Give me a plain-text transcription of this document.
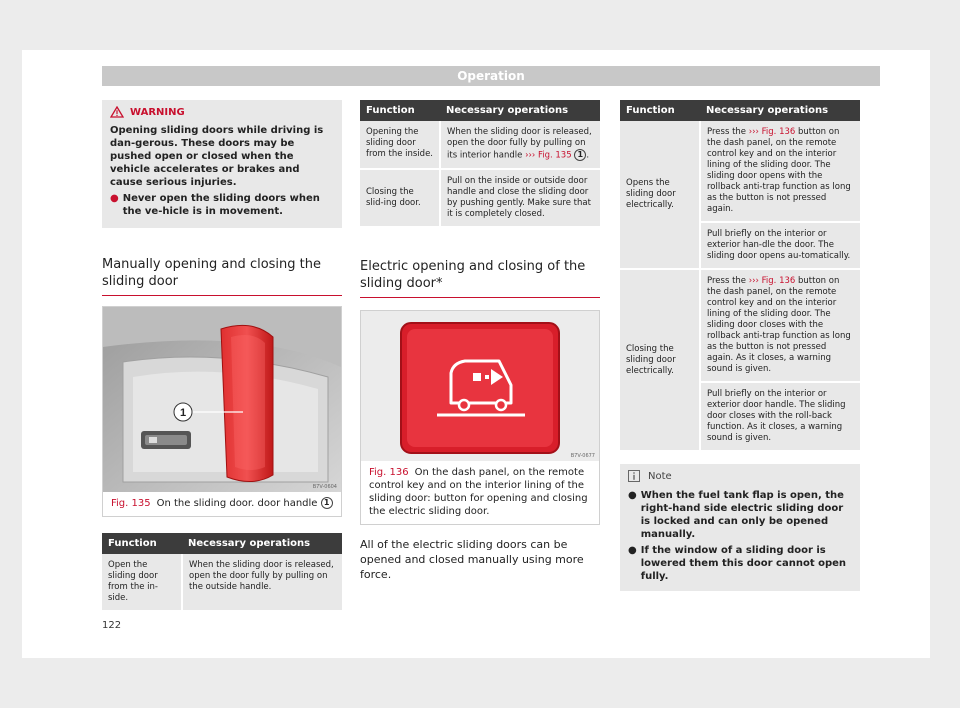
Operation
WARNING
Opening sliding doors while driving is dan-gerous. These doors may be pushed open or closed when the vehicle accelerates or brakes and cause serious injuries.
● Never open the sliding doors when the ve-hicle is in movement.
Manually opening and closing the sliding door
1
B7V-0604
Fig. 135 On the sliding door. door handle 1
Function	Necessary operations
Open the sliding door from the in-side.	When the sliding door is released, open the door fully by pulling on the outside handle.
Function	Necessary operations
Opening the sliding door from the inside.	When the sliding door is released, open the door fully by pulling on its interior handle ››› Fig. 135 1 .
Closing the slid-ing door.	Pull on the inside or outside door handle and close the sliding door by pushing gently. Make sure that it is completely closed.
Electric opening and closing of the sliding door*
B7V-0677
Fig. 136 On the dash panel, on the remote control key and on the interior lining of the sliding door: button for opening and closing the electric sliding door.
All of the electric sliding doors can be opened and closed manually using more force.
Function	Necessary operations
Opens the sliding door electrically.	Press the ››› Fig. 136 button on the dash panel, on the remote control key and on the interior lining of the sliding door. The sliding door opens with the rollback anti-trap function as long as the button is not pressed again.
	Pull briefly on the interior or exterior han-dle the door. The sliding door opens au-tomatically.
Closing the sliding door electrically.	Press the ››› Fig. 136 button on the dash panel, on the remote control key and on the interior lining of the sliding door. The sliding door closes with the rollback anti-trap function as long as the button is not pressed again. As it closes, a warning sound is given.
	Pull briefly on the interior or exterior door handle. The sliding door closes with the roll-back function. As it closes, a warning sound is given.
Note
● When the fuel tank flap is open, the right-hand side electric sliding door is locked and can only be opened manually.
● If the window of a sliding door is lowered them this door cannot open fully.
122
